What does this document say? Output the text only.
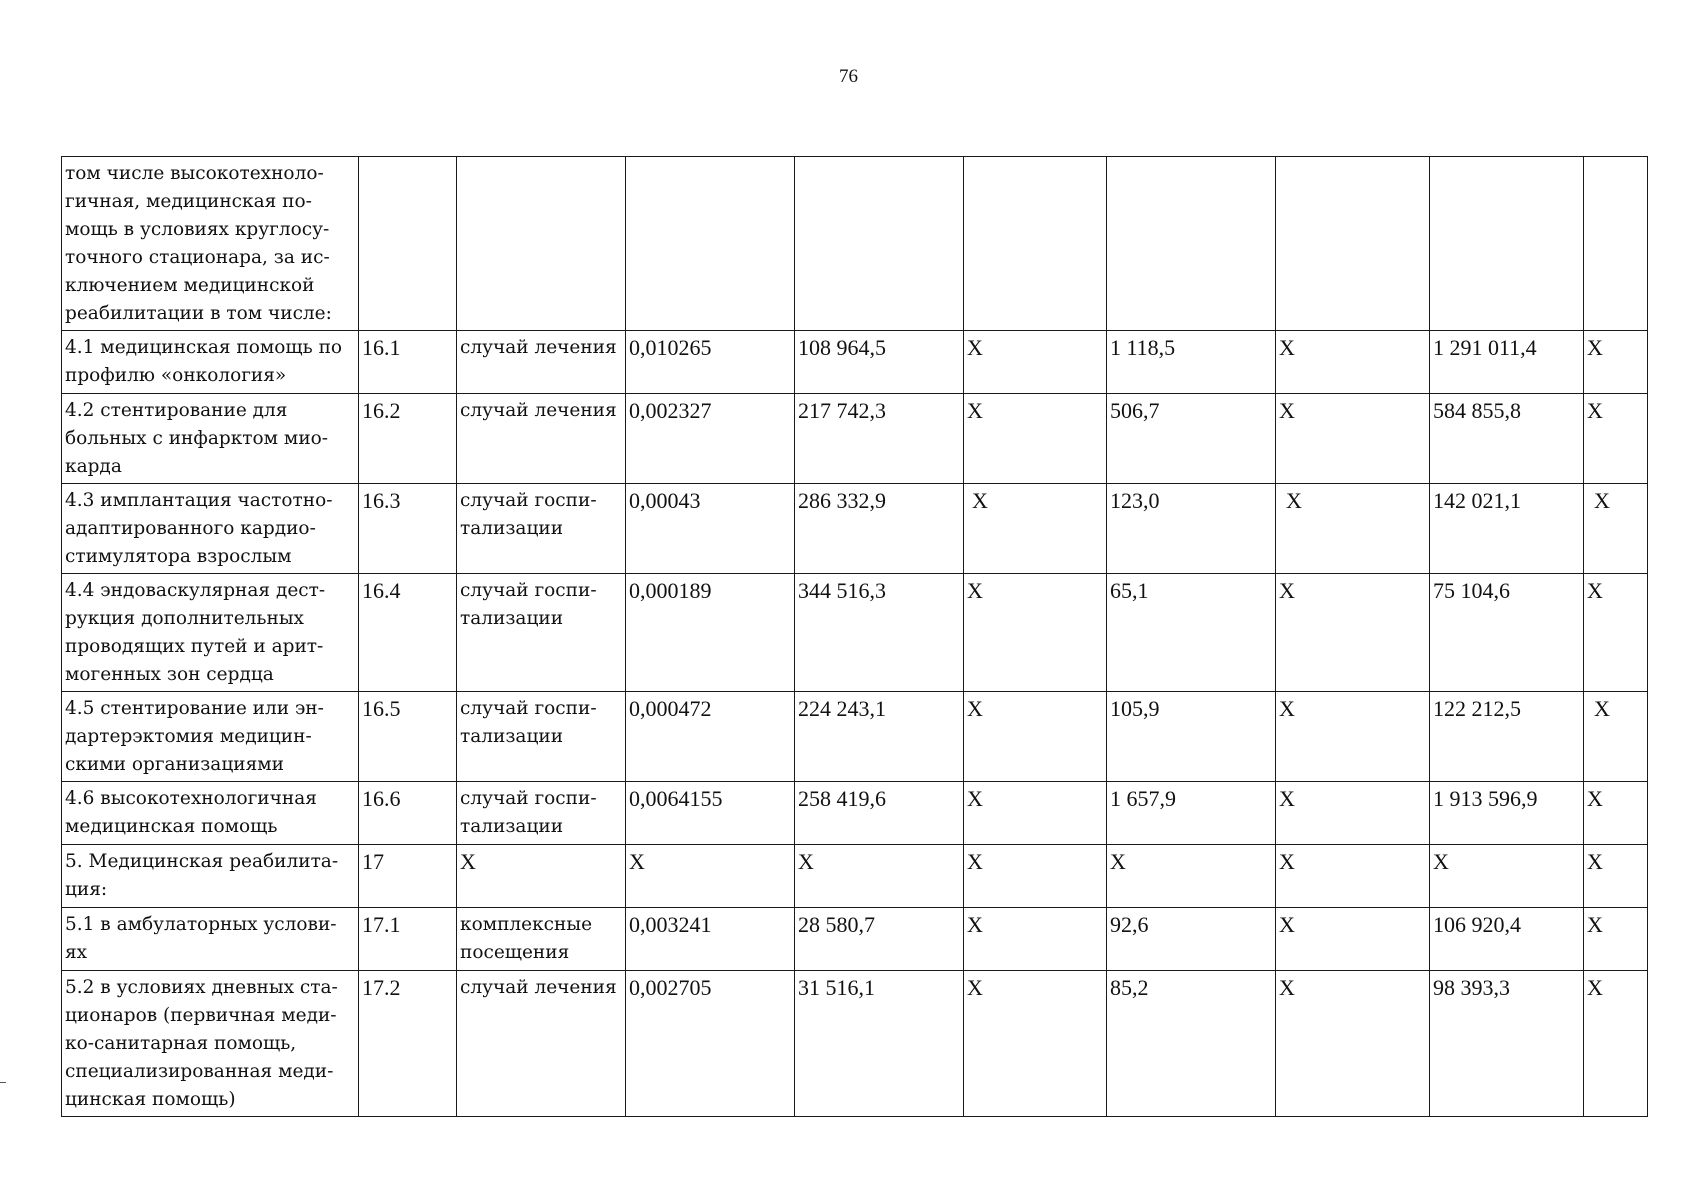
76
том числе высокотехноло-гичная, медицинская по-мощь в условиях круглосу-точного стационара, за ис-ключением медицинской реабилитации в том числе:									
4.1 медицинская помощь по профилю «онкология»	16.1	случай лечения	0,010265	108 964,5	X	1 118,5	X	1 291 011,4	X
4.2 стентирование для больных с инфарктом мио-карда	16.2	случай лечения	0,002327	217 742,3	X	506,7	X	584 855,8	X
4.3 имплантация частотно-адаптированного кардио-стимулятора взрослым	16.3	случай госпи-тализации	0,00043	286 332,9	X	123,0	X	142 021,1	X
4.4 эндоваскулярная дест-рукция дополнительных проводящих путей и арит-могенных зон сердца	16.4	случай госпи-тализации	0,000189	344 516,3	X	65,1	X	75 104,6	X
4.5 стентирование или эн-дартерэктомия медицин-скими организациями	16.5	случай госпи-тализации	0,000472	224 243,1	X	105,9	X	122 212,5	X
4.6 высокотехнологичная медицинская помощь	16.6	случай госпи-тализации	0,0064155	258 419,6	X	1 657,9	X	1 913 596,9	X
5. Медицинская реабилита-ция:	17	X	X	X	X	X	X	X	X
5.1 в амбулаторных услови-ях	17.1	комплексные посещения	0,003241	28 580,7	X	92,6	X	106 920,4	X
5.2 в условиях дневных ста-ционаров (первичная меди-ко-санитарная помощь, специализированная меди-цинская помощь)	17.2	случай лечения	0,002705	31 516,1	X	85,2	X	98 393,3	X
